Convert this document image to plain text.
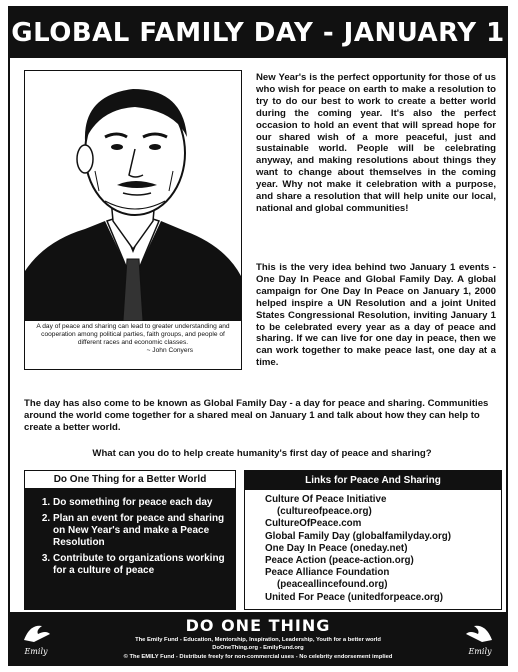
GLOBAL FAMILY DAY - JANUARY 1
A day of peace and sharing can lead to greater understanding and cooperation among political parties, faith groups, and people of different races and economic classes.
~ John Conyers
New Year's is the perfect opportunity for those of us who wish for peace on earth to make a resolution to try to do our best to work to create a better world during the coming year. It's also the perfect occasion to hold an event that will spread hope for our shared wish of a more peaceful, just and sustainable world. People will be celebrating anyway, and making resolutions about things they want to change about themselves in the coming year. Why not make it celebration with a purpose, and share a resolution that will help unite our local, national and global communities!
This is the very idea behind two January 1 events - One Day In Peace and Global Family Day. A global campaign for One Day In Peace on January 1, 2000 helped inspire a UN Resolution and a joint United States Congressional Resolution, inviting January 1 to be celebrated every year as a day of peace and sharing. If we can live for one day in peace, then we can work together to make peace last, one day at a time.
The day has also come to be known as Global Family Day - a day for peace and sharing. Communities around the world come together for a shared meal on January 1 and talk about how they can help to create a better world.
What can you do to help create humanity's first day of peace and sharing?
Do One Thing for a Better World
1. Do something for peace each day
2. Plan an event for peace and sharing on New Year's and make a Peace Resolution
3. Contribute to organizations working for a culture of peace
Links for Peace And Sharing
Culture Of Peace Initiative
(cultureofpeace.org)
CultureOfPeace.com
Global Family Day (globalfamilyday.org)
One Day In Peace (oneday.net)
Peace Action (peace-action.org)
Peace Alliance Foundation
(peaceallincefound.org)
United For Peace (unitedforpeace.org)
Emily
DO ONE THING
The Emily Fund - Education, Mentorship, Inspiration, Leadership, Youth for a better world
DoOneThing.org - EmilyFund.org
© The EMILY Fund - Distribute freely for non-commercial uses - No celebrity endorsement implied
Emily
